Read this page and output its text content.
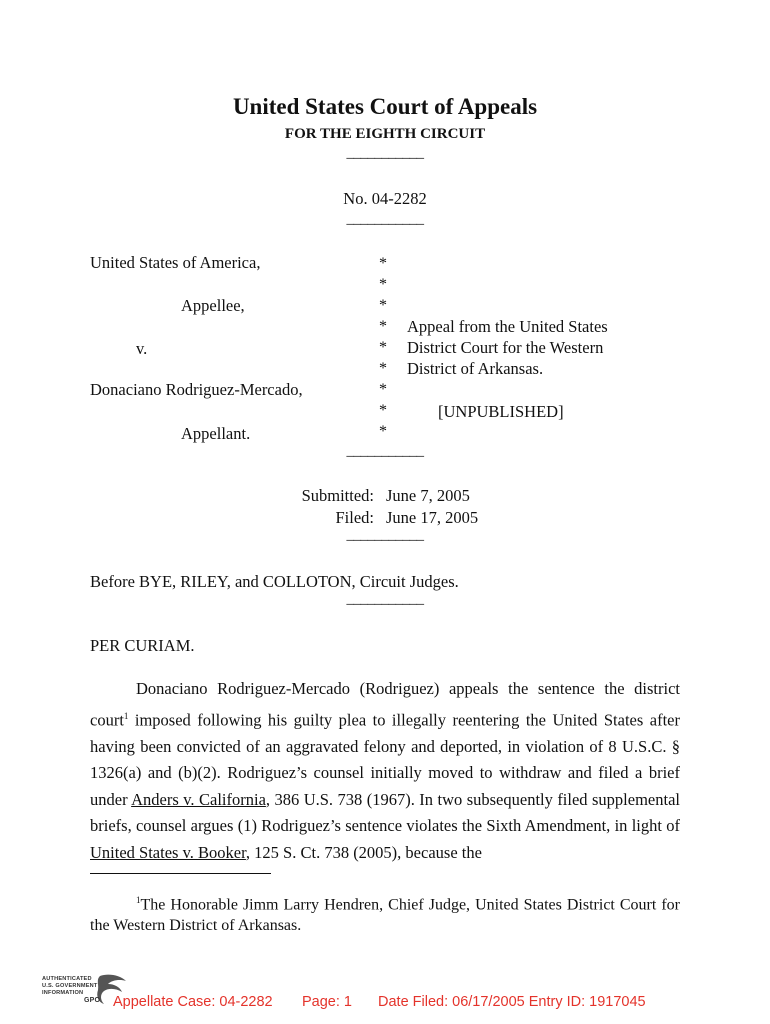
United States Court of Appeals
FOR THE EIGHTH CIRCUIT
___________
No. 04-2282
___________
United States of America,
Appellee,
v.
Donaciano Rodriguez-Mercado,
Appellant.
*
*
*
*
*
*
*
*
*
Appeal from the United States
District Court for the Western
District of Arkansas.
[UNPUBLISHED]
___________
Submitted: June 7, 2005
Filed: June 17, 2005
___________
Before BYE, RILEY, and COLLOTON, Circuit Judges.
___________
PER CURIAM.
Donaciano Rodriguez-Mercado (Rodriguez) appeals the sentence the district court$^1$ imposed following his guilty plea to illegally reentering the United States after having been convicted of an aggravated felony and deported, in violation of 8 U.S.C. § 1326(a) and (b)(2). Rodriguez’s counsel initially moved to withdraw and filed a brief under Anders v. California, 386 U.S. 738 (1967). In two subsequently filed supplemental briefs, counsel argues (1) Rodriguez’s sentence violates the Sixth Amendment, in light of United States v. Booker, 125 S. Ct. 738 (2005), because the
$^1$The Honorable Jimm Larry Hendren, Chief Judge, United States District Court for the Western District of Arkansas.
AUTHENTICATED
U.S. GOVERNMENT
INFORMATION
GPO Appellate Case: 04-2282 Page: 1 Date Filed: 06/17/2005 Entry ID: 1917045
